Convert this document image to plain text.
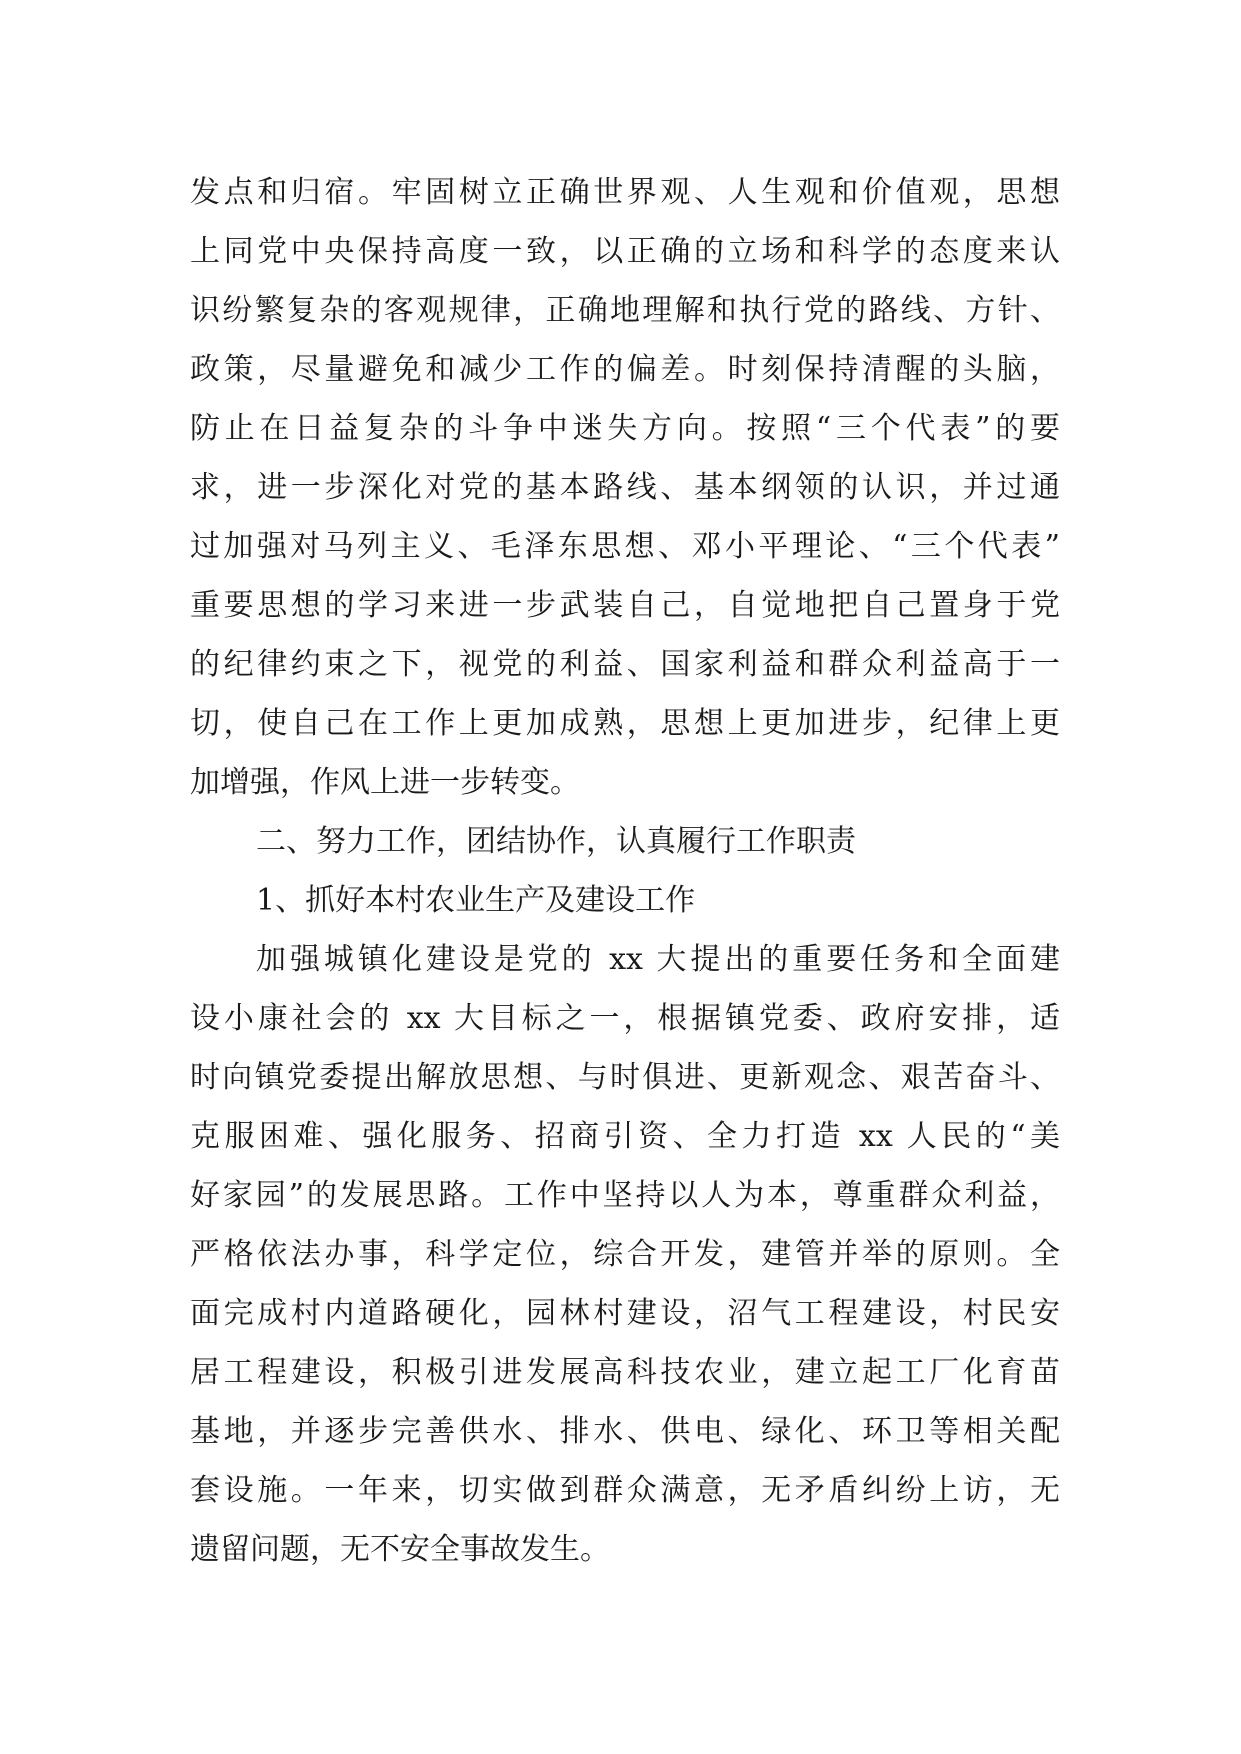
发点和归宿。牢固树立正确世界观、人生观和价值观，思想
上同党中央保持高度一致，以正确的立场和科学的态度来认
识纷繁复杂的客观规律，正确地理解和执行党的路线、方针、
政策，尽量避免和减少工作的偏差。时刻保持清醒的头脑，
防止在日益复杂的斗争中迷失方向。按照“三个代表”的要
求，进一步深化对党的基本路线、基本纲领的认识，并过通
过加强对马列主义、毛泽东思想、邓小平理论、“三个代表”
重要思想的学习来进一步武装自己，自觉地把自己置身于党
的纪律约束之下，视党的利益、国家利益和群众利益高于一
切，使自己在工作上更加成熟，思想上更加进步，纪律上更
加增强，作风上进一步转变。
二、努力工作，团结协作，认真履行工作职责
1、抓好本村农业生产及建设工作
加强城镇化建设是党的 xx 大提出的重要任务和全面建
设小康社会的 xx 大目标之一，根据镇党委、政府安排，适
时向镇党委提出解放思想、与时俱进、更新观念、艰苦奋斗、
克服困难、强化服务、招商引资、全力打造 xx 人民的“美
好家园”的发展思路。工作中坚持以人为本，尊重群众利益，
严格依法办事，科学定位，综合开发，建管并举的原则。全
面完成村内道路硬化，园林村建设，沼气工程建设，村民安
居工程建设，积极引进发展高科技农业，建立起工厂化育苗
基地，并逐步完善供水、排水、供电、绿化、环卫等相关配
套设施。一年来，切实做到群众满意，无矛盾纠纷上访，无
遗留问题，无不安全事故发生。
